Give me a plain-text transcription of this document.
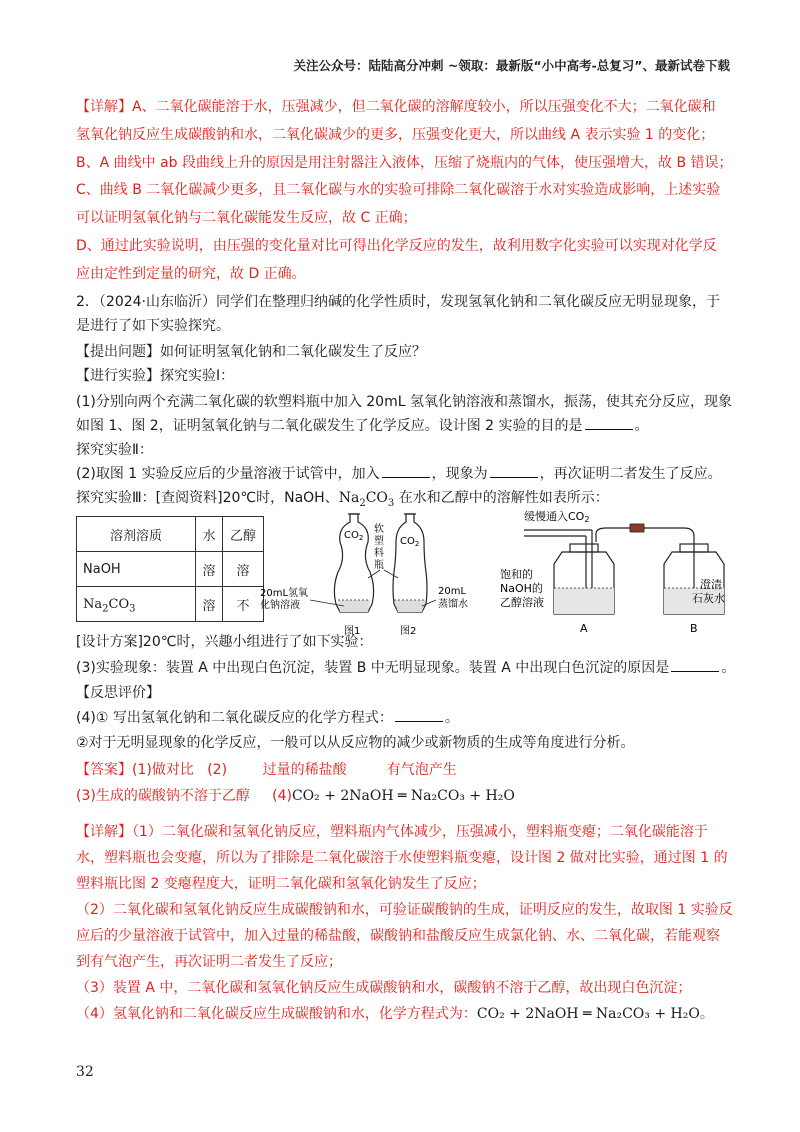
关注公众号：陆陆高分冲刺 ~领取：最新版“小中高考-总复习”、最新试卷下载
【详解】A、二氧化碳能溶于水，压强减少，但二氧化碳的溶解度较小，所以压强变化不大；二氧化碳和
氢氧化钠反应生成碳酸钠和水，二氧化碳减少的更多，压强变化更大，所以曲线 A 表示实验 1 的变化；
B、A 曲线中 ab 段曲线上升的原因是用注射器注入液体，压缩了烧瓶内的气体，使压强增大，故 B 错误；
C、曲线 B 二氧化碳减少更多，且二氧化碳与水的实验可排除二氧化碳溶于水对实验造成影响，上述实验
可以证明氢氧化钠与二氧化碳能发生反应，故 C 正确；
D、通过此实验说明，由压强的变化量对比可得出化学反应的发生，故利用数字化实验可以实现对化学反
应由定性到定量的研究，故 D 正确。
2．（2024·山东临沂）同学们在整理归纳碱的化学性质时，发现氢氧化钠和二氧化碳反应无明显现象，于
是进行了如下实验探究。
【提出问题】如何证明氢氧化钠和二氧化碳发生了反应？
【进行实验】探究实验Ⅰ：
(1)分别向两个充满二氧化碳的软塑料瓶中加入 20mL 氢氧化钠溶液和蒸馏水，振荡，使其充分反应，现象
如图 1、图 2，证明氢氧化钠与二氧化碳发生了化学反应。设计图 2 实验的目的是	。
探究实验Ⅱ：
(2)取图 1 实验反应后的少量溶液于试管中，加入	，现象为	，再次证明二者发生了反应。
探究实验Ⅲ：[查阅资料]20℃时，NaOH、$Na_2CO_3$ 在水和乙醇中的溶解性如表所示：
溶剂溶质	水	乙醇
NaOH	溶	溶
$Na_2CO_3$	溶	不
$CO_2$	$CO_2$
软
塑
料
瓶
20mL氢氧
化钠溶液
20mL
蒸馏水
图1	图2
缓慢通入CO2
饱和的
NaOH的
乙醇溶液
澄清
石灰水
A	B
[设计方案]20℃时，兴趣小组进行了如下实验：
(3)实验现象：装置 A 中出现白色沉淀，装置 B 中无明显现象。装置 A 中出现白色沉淀的原因是	。
【反思评价】
(4)① 写出氢氧化钠和二氧化碳反应的化学方程式：	。
②对于无明显现象的化学反应，一般可以从反应物的减少或新物质的生成等角度进行分析。
【答案】(1)做对比 (2)	过量的稀盐酸	有气泡产生
(3)生成的碳酸钠不溶于乙醇 (4)CO₂ + 2NaOH ═ Na₂CO₃ + H₂O
【详解】（1）二氧化碳和氢氧化钠反应，塑料瓶内气体减少，压强减小，塑料瓶变瘪；二氧化碳能溶于
水，塑料瓶也会变瘪，所以为了排除是二氧化碳溶于水使塑料瓶变瘪，设计图 2 做对比实验，通过图 1 的
塑料瓶比图 2 变瘪程度大，证明二氧化碳和氢氧化钠发生了反应；
（2）二氧化碳和氢氧化钠反应生成碳酸钠和水，可验证碳酸钠的生成，证明反应的发生，故取图 1 实验反
应后的少量溶液于试管中，加入过量的稀盐酸，碳酸钠和盐酸反应生成氯化钠、水、二氧化碳，若能观察
到有气泡产生，再次证明二者发生了反应；
（3）装置 A 中，二氧化碳和氢氧化钠反应生成碳酸钠和水，碳酸钠不溶于乙醇，故出现白色沉淀；
（4）氢氧化钠和二氧化碳反应生成碳酸钠和水，化学方程式为：CO₂ + 2NaOH ═ Na₂CO₃ + H₂O。
32
